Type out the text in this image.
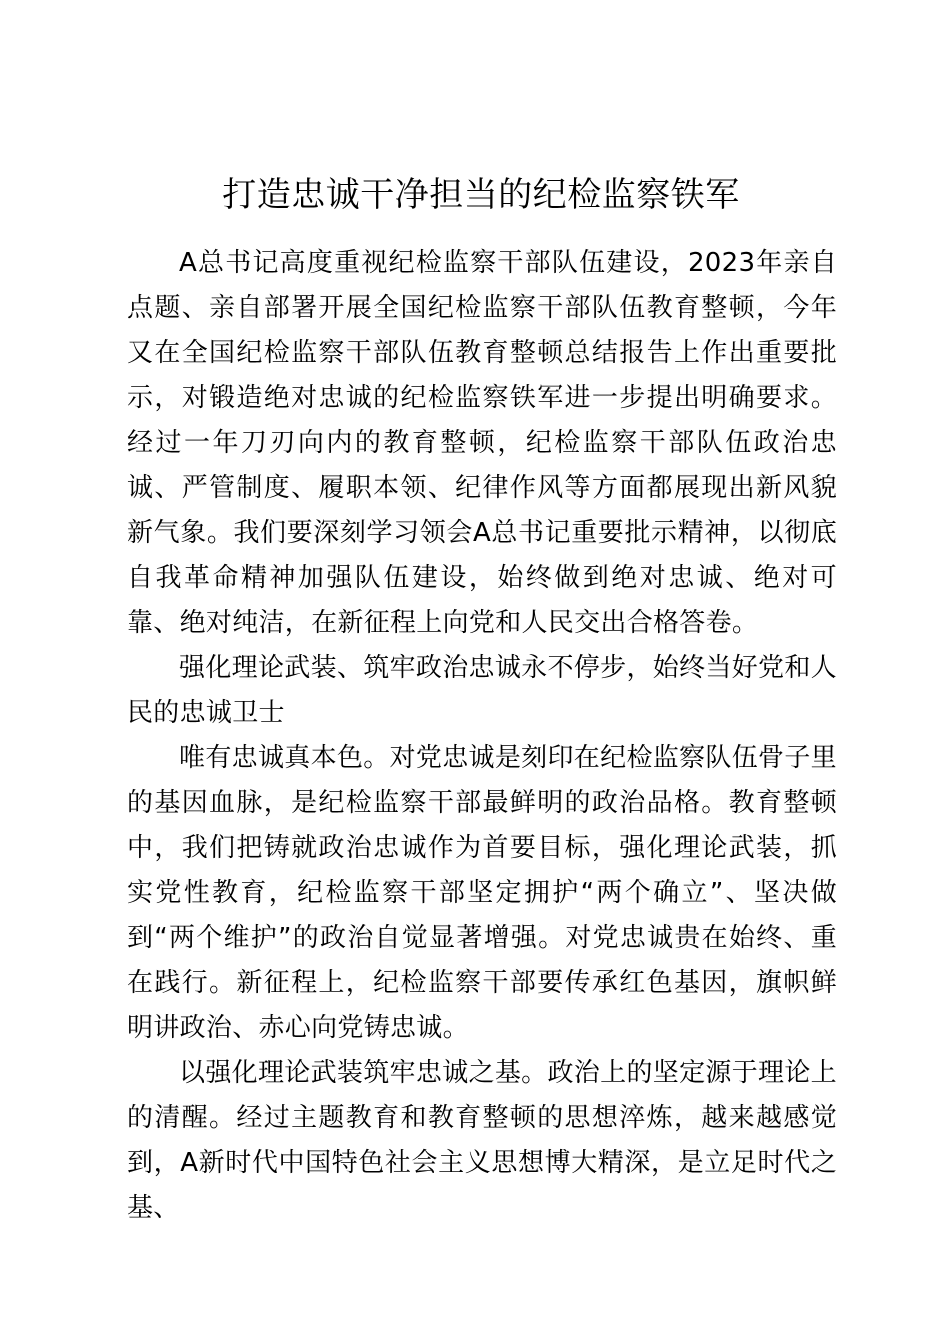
打造忠诚干净担当的纪检监察铁军

A总书记高度重视纪检监察干部队伍建设，2023年亲自点题、亲自部署开展全国纪检监察干部队伍教育整顿，今年又在全国纪检监察干部队伍教育整顿总结报告上作出重要批示，对锻造绝对忠诚的纪检监察铁军进一步提出明确要求。经过一年刀刃向内的教育整顿，纪检监察干部队伍政治忠诚、严管制度、履职本领、纪律作风等方面都展现出新风貌新气象。我们要深刻学习领会A总书记重要批示精神，以彻底自我革命精神加强队伍建设，始终做到绝对忠诚、绝对可靠、绝对纯洁，在新征程上向党和人民交出合格答卷。

强化理论武装、筑牢政治忠诚永不停步，始终当好党和人民的忠诚卫士

唯有忠诚真本色。对党忠诚是刻印在纪检监察队伍骨子里的基因血脉，是纪检监察干部最鲜明的政治品格。教育整顿中，我们把铸就政治忠诚作为首要目标，强化理论武装，抓实党性教育，纪检监察干部坚定拥护“两个确立”、坚决做到“两个维护”的政治自觉显著增强。对党忠诚贵在始终、重在践行。新征程上，纪检监察干部要传承红色基因，旗帜鲜明讲政治、赤心向党铸忠诚。

以强化理论武装筑牢忠诚之基。政治上的坚定源于理论上的清醒。经过主题教育和教育整顿的思想淬炼，越来越感觉到，A新时代中国特色社会主义思想博大精深，是立足时代之基、
